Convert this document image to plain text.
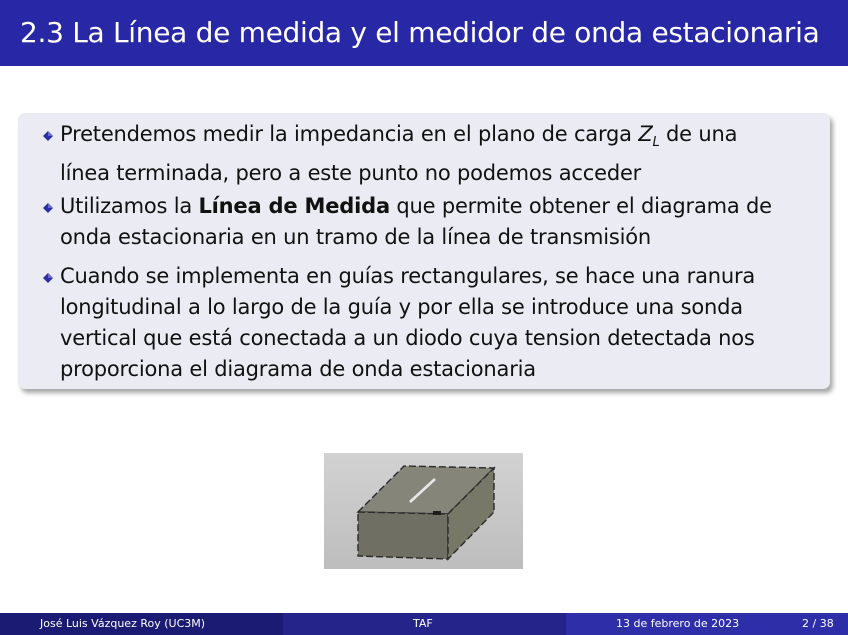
2.3 La Línea de medida y el medidor de onda estacionaria

Pretendemos medir la impedancia en el plano de carga $Z_L$ de una

línea terminada, pero a este punto no podemos acceder

Utilizamos la Línea de Medida que permite obtener el diagrama de

onda estacionaria en un tramo de la línea de transmisión

Cuando se implementa en guías rectangulares, se hace una ranura

longitudinal a lo largo de la guía y por ella se introduce una sonda

vertical que está conectada a un diodo cuya tension detectada nos

proporciona el diagrama de onda estacionaria

José Luis Vázquez Roy (UC3M)	TAF	13 de febrero de 2023	2 / 38
